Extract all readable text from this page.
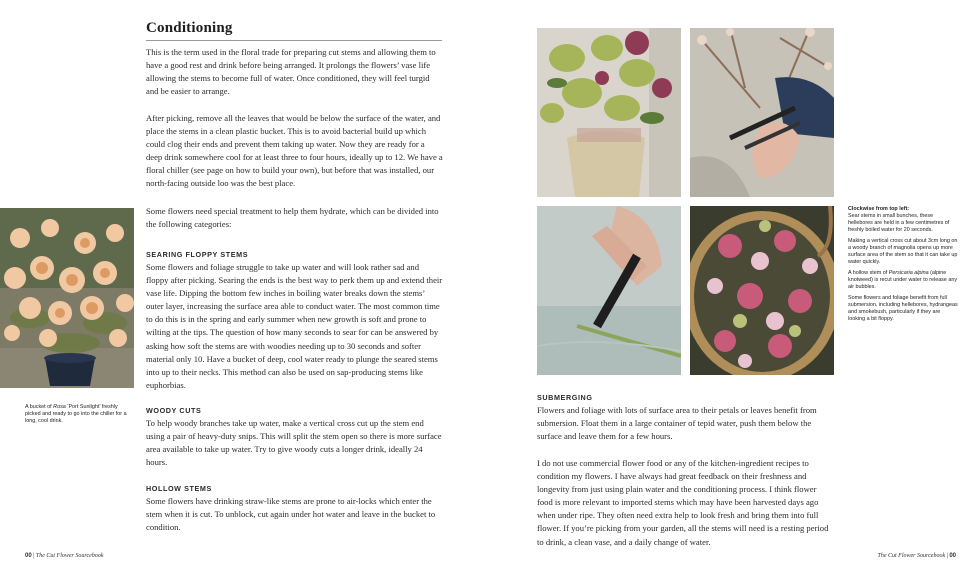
Conditioning

This is the term used in the floral trade for preparing cut stems and allowing them to have a good rest and drink before being arranged. It prolongs the flowers’ vase life allowing the stems to become full of water. Once conditioned, they will feel turgid and be easier to arrange.

After picking, remove all the leaves that would be below the surface of the water, and place the stems in a clean plastic bucket. This is to avoid bacterial build up which could clog their ends and prevent them taking up water. Now they are ready for a deep drink somewhere cool for at least three to four hours, ideally up to 12. We have a floral chiller (see page on how to build your own), but before that was installed, our north-facing outside loo was the best place.

Some flowers need special treatment to help them hydrate, which can be divided into the following categories:

SEARING FLOPPY STEMS

Some flowers and foliage struggle to take up water and will look rather sad and floppy after picking. Searing the ends is the best way to perk them up and extend their vase life. Dipping the bottom few inches in boiling water breaks down the stems’ outer layer, increasing the surface area able to conduct water. The most common time to do this is in the spring and early summer when new growth is soft and prone to wilting at the tips. The question of how many seconds to sear for can be answered by asking how soft the stems are with woodies needing up to 30 seconds and softer material only 10. Have a bucket of deep, cool water ready to plunge the seared stems into up to their necks. This method can also be used on sap-producing stems like euphorbias.

WOODY CUTS

To help woody branches take up water, make a vertical cross cut up the stem end using a pair of heavy-duty snips. This will split the stem open so there is more surface area available to take up water. Try to give woody cuts a longer drink, ideally 24 hours.

HOLLOW STEMS

Some flowers have drinking straw-like stems are prone to air-locks which enter the stem when it is cut. To unblock, cut again under hot water and leave in the bucket to condition.

A bucket of Rosa ‘Port Sunlight’ freshly picked and ready to go into the chiller for a long, cool drink.
00 | The Cut Flower Sourcebook

Clockwise from top left:
Sear stems in small bunches, these hellebores are held in a few centimetres of freshly boiled water for 20 seconds.

Making a vertical cross cut about 3cm long on a woody branch of magnolia opens up more surface area of the stem so that it can take up water quickly.

A hollow stem of Persicaria alpina (alpine knotweed) is recut under water to release any air bubbles.

Some flowers and foliage benefit from full submersion, including hellebores, hydrangeas and smokebush, particularly if they are looking a bit floppy.

SUBMERGING

Flowers and foliage with lots of surface area to their petals or leaves benefit from submersion. Float them in a large container of tepid water, push them below the surface and leave them for a few hours.

I do not use commercial flower food or any of the kitchen-ingredient recipes to condition my flowers. I have always had great feedback on their freshness and longevity from just using plain water and the conditioning process. I think flower food is more relevant to imported stems which may have been harvested days ago when under ripe. They often need extra help to look fresh and bring them into full flower. If you’re picking from your garden, all the stems will need is a resting period to drink, a clean vase, and a daily change of water.

The Cut Flower Sourcebook | 00
